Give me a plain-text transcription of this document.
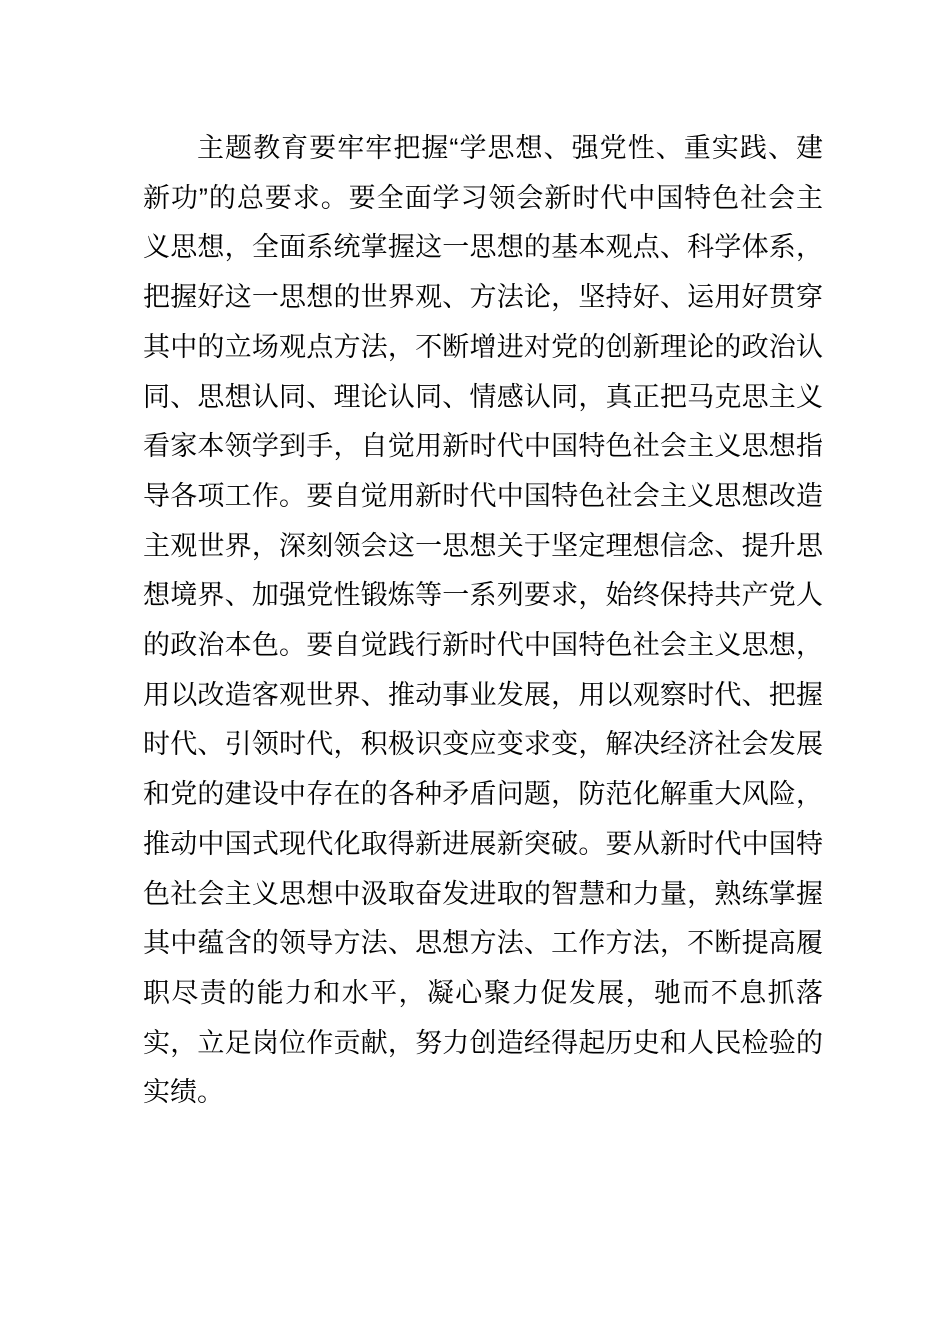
主题教育要牢牢把握“学思想、强党性、重实践、建新功”的总要求。要全面学习领会新时代中国特色社会主义思想，全面系统掌握这一思想的基本观点、科学体系，把握好这一思想的世界观、方法论，坚持好、运用好贯穿其中的立场观点方法，不断增进对党的创新理论的政治认同、思想认同、理论认同、情感认同，真正把马克思主义看家本领学到手，自觉用新时代中国特色社会主义思想指导各项工作。要自觉用新时代中国特色社会主义思想改造主观世界，深刻领会这一思想关于坚定理想信念、提升思想境界、加强党性锻炼等一系列要求，始终保持共产党人的政治本色。要自觉践行新时代中国特色社会主义思想，用以改造客观世界、推动事业发展，用以观察时代、把握时代、引领时代，积极识变应变求变，解决经济社会发展和党的建设中存在的各种矛盾问题，防范化解重大风险，推动中国式现代化取得新进展新突破。要从新时代中国特色社会主义思想中汲取奋发进取的智慧和力量，熟练掌握其中蕴含的领导方法、思想方法、工作方法，不断提高履职尽责的能力和水平，凝心聚力促发展，驰而不息抓落实，立足岗位作贡献，努力创造经得起历史和人民检验的实绩。
